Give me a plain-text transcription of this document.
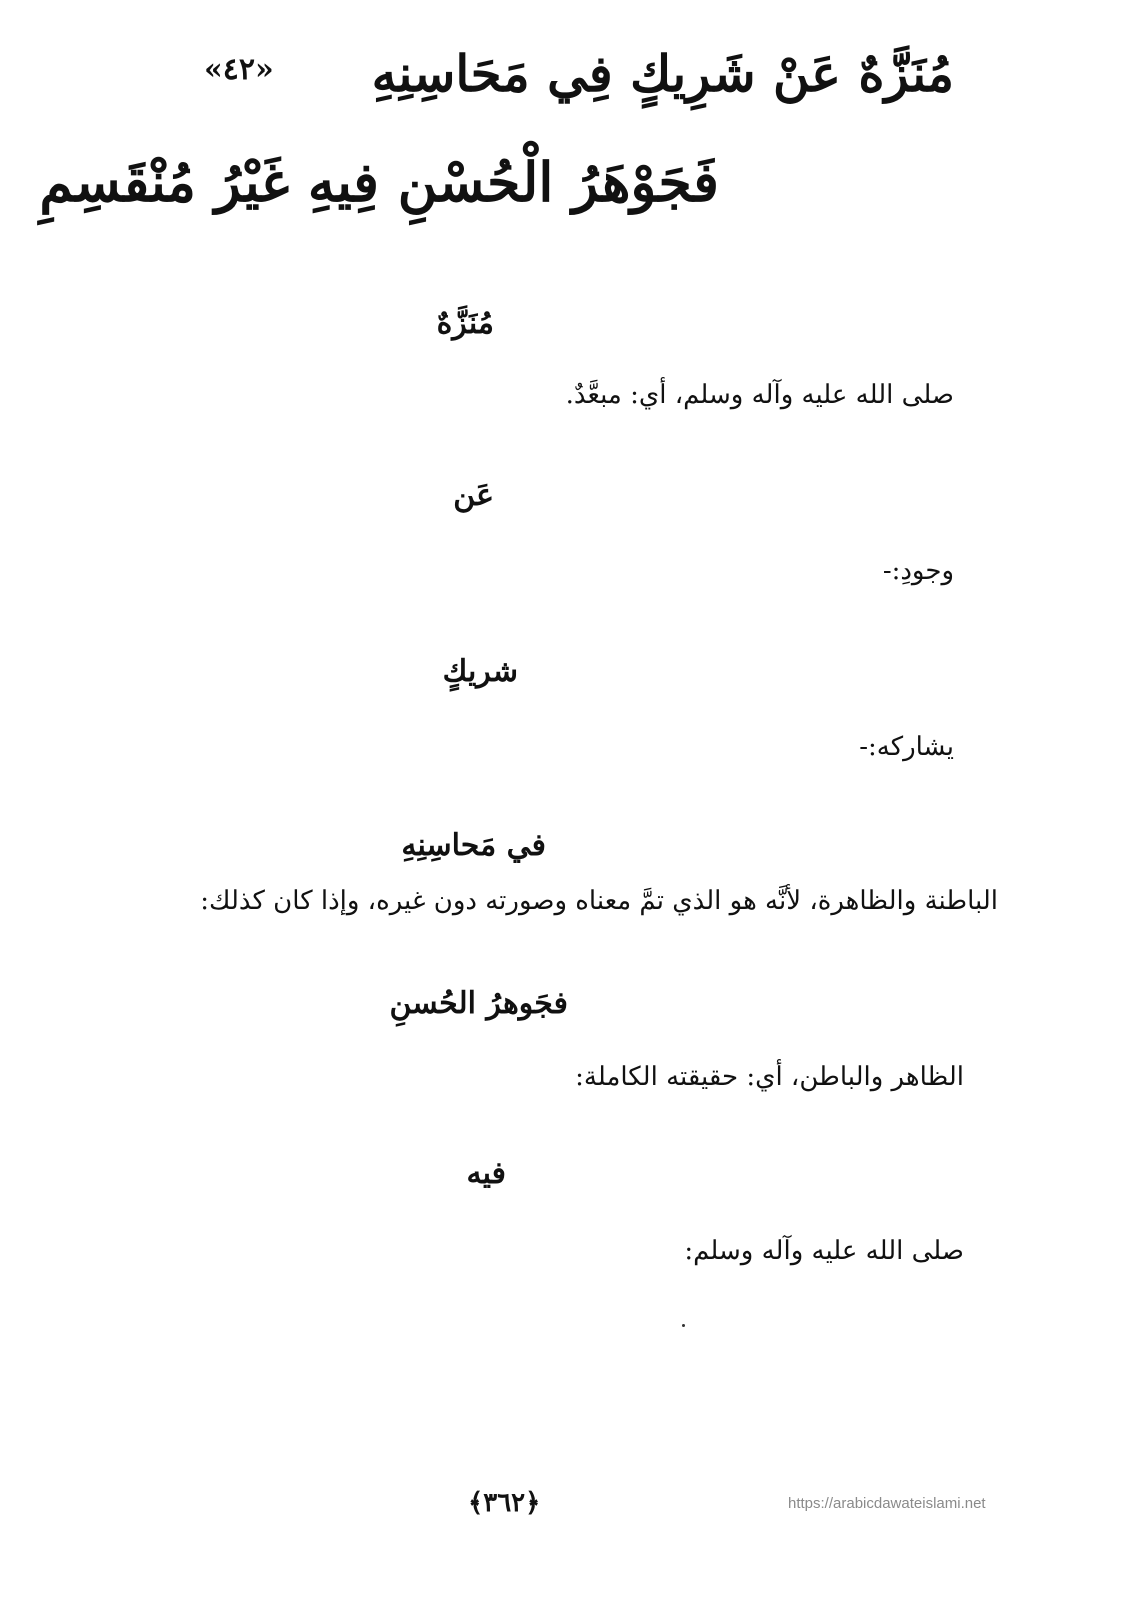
«٤٢»	مُنَزَّهٌ عَنْ شَرِيكٍ فِي مَحَاسِنِهِ
فَجَوْهَرُ الْحُسْنِ فِيهِ غَيْرُ مُنْقَسِمِ
مُنَزَّهٌ
صلى الله عليه وآله وسلم، أي: مبعَّدٌ.
عَن
وجودِ:-
شريكٍ
يشاركه:-
في مَحاسِنِهِ
الباطنة والظاهرة، لأنَّه هو الذي تمَّ معناه وصورته دون غيره، وإذا كان كذلك:
فجَوهرُ الحُسنِ
الظاهر والباطن، أي: حقيقته الكاملة:
فيه
صلى الله عليه وآله وسلم:
﴿٣٦٢﴾	https://arabicdawateislami.net
